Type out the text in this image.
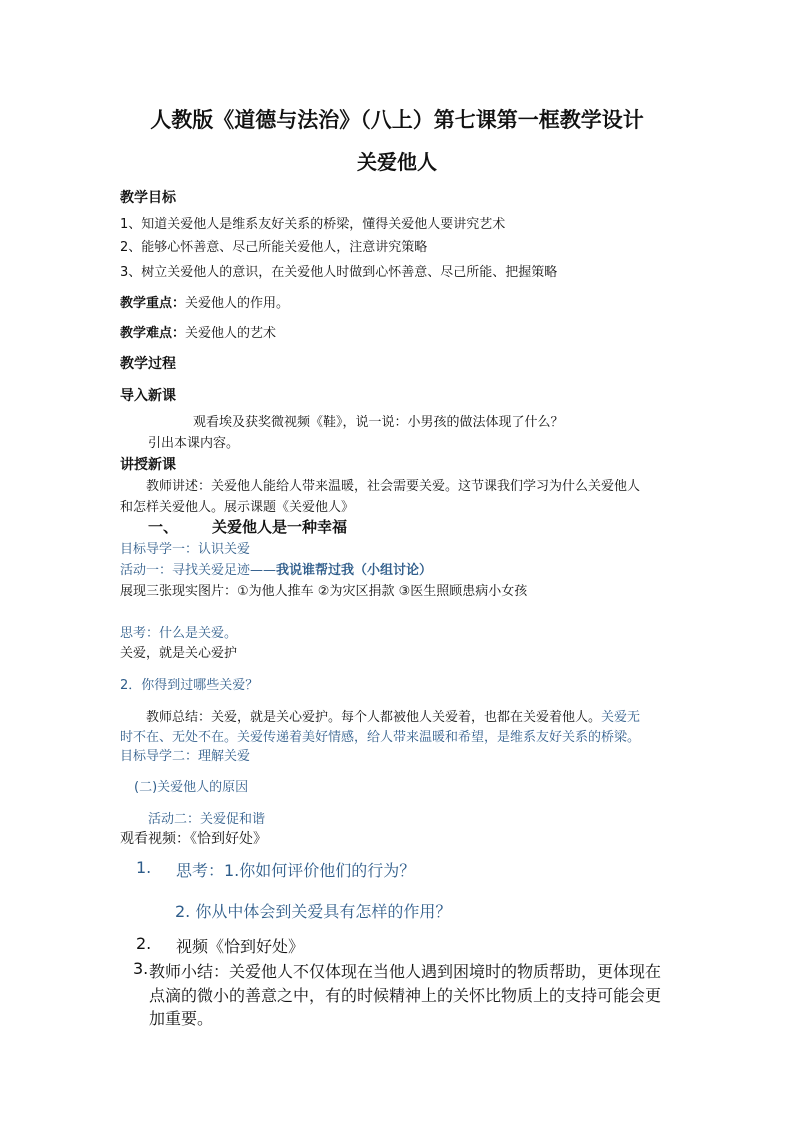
人教版《道德与法治》（八上）第七课第一框教学设计
关爱他人
教学目标
1、知道关爱他人是维系友好关系的桥梁，懂得关爱他人要讲究艺术
2、能够心怀善意、尽己所能关爱他人，注意讲究策略
3、树立关爱他人的意识，在关爱他人时做到心怀善意、尽己所能、把握策略
教学重点：关爱他人的作用。
教学难点：关爱他人的艺术
教学过程
导入新课
观看埃及获奖微视频《鞋》，说一说：小男孩的做法体现了什么？
引出本课内容。
讲授新课
教师讲述：关爱他人能给人带来温暖，社会需要关爱。这节课我们学习为什么关爱他人
和怎样关爱他人。展示课题《关爱他人》
一、 关爱他人是一种幸福
目标导学一：认识关爱
活动一：寻找关爱足迹——我说谁帮过我（小组讨论）
展现三张现实图片：①为他人推车 ②为灾区捐款 ③医生照顾患病小女孩
思考：什么是关爱。
关爱，就是关心爱护
2．你得到过哪些关爱？
教师总结：关爱，就是关心爱护。每个人都被他人关爱着，也都在关爱着他人。关爱无
时不在、无处不在。关爱传递着美好情感，给人带来温暖和希望，是维系友好关系的桥梁。
目标导学二：理解关爱
(二)关爱他人的原因
活动二：关爱促和谐
观看视频：《恰到好处》
1. 思考：1.你如何评价他们的行为？
2. 你从中体会到关爱具有怎样的作用？
2. 视频《恰到好处》
3. 教师小结：关爱他人不仅体现在当他人遇到困境时的物质帮助，更体现在
点滴的微小的善意之中，有的时候精神上的关怀比物质上的支持可能会更
加重要。
